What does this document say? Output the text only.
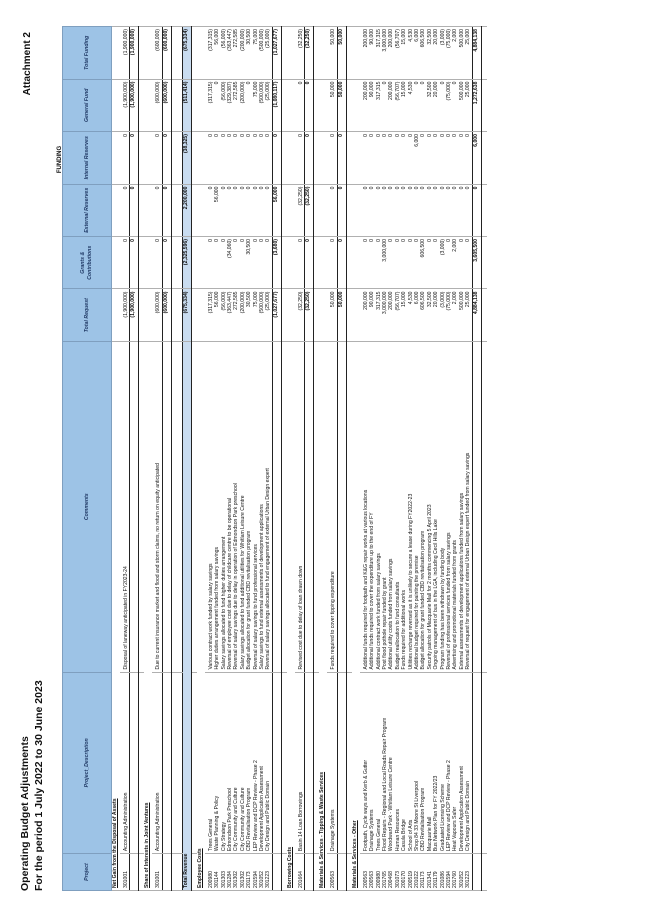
Operating Budget Adjustments For the period 1 July 2022 to 30 June 2023
Attachment 2
FUNDING
Project	Project_Description	Comments	Total Request	Grants & Contributions	External Reserves	Internal Reserves	General Fund	Total Funding
Net Gain from the Disposal of Assets								
301001	Accounting Administration	Disposal of laneway anticipated in FY2023-24	(1,900,000)	0	0	0	(1,900,000)	(1,900,000)
			(1,900,000)	0	0	0	(1,900,000)	(1,900,000)

Share of Interests in Joint Ventures								
301001	Accounting Administration	Due to current insurance market and flood and storm claims, no return on equity anticipated	(600,000)	0	0	0	(600,000)	(600,000)
			(600,000)	0	0	0	(600,000)	(600,000)

Total Revenue			(675,334)	(2,325,596)	2,200,000	(38,325)	(511,414)	(675,334)

Employee Costs								
200980	Trees General	Various contract work funded by salary savings	(317,315)	0	0	0	(317,315)	(317,315)
301144	Waste Planning & Policy	Higher duties arrangement funded from salary savings	56,000	0	56,000	0	0	56,000
301303	City Strategy	Salary savings allocated to fund higher duties arrangement	(56,000)	0	0	0	(56,000)	(56,000)
301284	Edmondson Park Preschool	Reversal of employee cost due to delay of childcare centre to be operational	(363,447)	(34,060)	0	0	(329,387)	(363,447)
301302	City Community and Culture	Reversal of salary savings due to delay in operation of Edmondson Park preschool	272,585	0	0	0	272,585	272,585
301302	City Community and Culture	Salary savings allocated to fund additional utilities for Whitlam Leisure Centre	(200,000)	0	0	0	(200,000)	(200,000)
201173	CBD Revitalisation Program	Budget allocation for grant funded CBD revitalisation program	30,500	30,500	0	0	0	30,500
201594	LEP Review and DCP Review - Phase 2	Reversal of salary savings to fund professional services	75,000	0	0	0	75,000	75,000
301052	Development Application Assessment	Salary savings to fund external assessments of development applications	(500,000)	0	0	0	(500,000)	(500,000)
301223	City Design and Public Domain	Reversal of salary savings allocated to fund engagement of external Urban Design expert	(25,000)	0	0	0	(25,000)	(25,000)
			(1,027,677)	(3,680)	56,000	0	(1,080,117)	(1,027,677)

Borrowing Costs								
201664	Basin 14 Loan Borrowings	Revised cost due to delay of loan drawn down	(32,250)	0	(32,250)	0	0	(32,250)
			(32,250)	0	(32,250)	0	0	(32,250)

Materials & Services - Tipping & Waste Services								
200563	Drainage Systems	Funds required to cover tipping expenditure	50,000	0	0	0	50,000	50,000
			50,000	0	0	0	50,000	50,000

Materials & Services - Other								
200563	Footpath, Cycle ways and Kerb & Gutter	Additional funds required for footpath and K&G repair works at various locations	200,000	0	0	0	200,000	200,000
200563	Drainage Systems	Additional funds required to cover the expenditure up to the end of FY	90,000	0	0	0	90,000	90,000
200980	Trees General	Additional contract work funded from salary savings	317,315	0	0	0	317,315	317,315
201765	Flood Repairs - Regional and Local Roads Repair Program	Post flood pothole repair funded by grant	3,000,000	3,000,000	0	0	0	3,000,000
200468	Woodward Park - Whitlam Leisure Centre	Additional utility costs funded from salary savings	200,000	0	0	0	200,000	200,000
301073	Human Resources	Budget reallocation to fund consultants	(56,707)	0	0	0	(56,707)	(56,707)
200170	Casula Bridge	Funds required for additional works	15,000	0	0	0	15,000	15,000
200519	School of Arts	Utilities recharge reversed as it is unlikely to secure a lease during FY2022-23	4,530	0	0	0	4,530	4,530
201022	Shop 84 33 Moore St Liverpool	Additional budget required for painting the premise	6,000	0	0	6,000	0	6,000
201173	CBD Revitalisation Program	Budget allocation for grant funded CBD revitalisation program	606,500	606,500	0	0	0	606,500
201341	Macquarie Mall	Security patrols of Macquarie Mall for 2 months commencing 5 April 2023	32,500	0	0	0	32,500	32,500
201179	Bus Network Plan for FY 2022/23	Ongoing management of bus in the LGA, including Cecil Hills Lake	20,000	0	0	0	20,000	20,000
201086	Graduated Licensing Scheme	Program funding has been withdrawn by funding body	(3,000)	(3,000)	0	0	0	(3,000)
201594	LEP Review and DCP Review - Phase 2	Reversal of professional services funded from salary savings	(75,000)	0	0	0	(75,000)	(75,000)
201760	Heat Vapours Safer	Advertising and promotional materials funded from grants	2,000	2,000	0	0	0	2,000
301052	Development Application Assessment	External assessments of development applications funded from salary savings	500,000	0	0	0	500,000	500,000
301223	City Design and Public Domain	Reversal of request for engagement of external Urban Design expert funded from salary savings	25,000	0	0	0	25,000	25,000
			4,884,138	3,605,500	0	6,000	1,272,638	4,884,138
